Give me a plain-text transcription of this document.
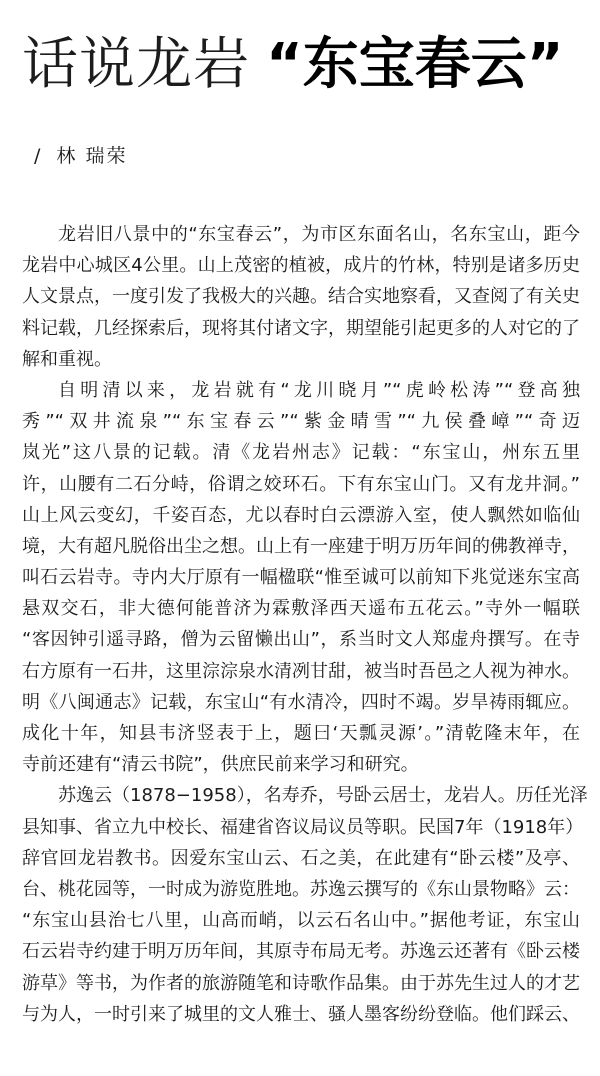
话说龙岩 “东宝春云”
/ 林 瑞荣
龙岩旧八景中的“东宝春云”，为市区东面名山，名东宝山，距今
龙岩中心城区4公里。山上茂密的植被，成片的竹林，特别是诸多历史
人文景点，一度引发了我极大的兴趣。结合实地察看，又查阅了有关史
料记载，几经探索后，现将其付诸文字，期望能引起更多的人对它的了
解和重视。
自明清以来，龙岩就有“龙川晓月”“虎岭松涛”“登高独
秀”“双井流泉”“东宝春云”“紫金晴雪”“九侯叠嶂”“奇迈
岚光”这八景的记载。清《龙岩州志》记载：“东宝山，州东五里
许，山腰有二石分峙，俗谓之姣环石。下有东宝山门。又有龙井洞。”
山上风云变幻，千姿百态，尤以春时白云漂游入室，使人飘然如临仙
境，大有超凡脱俗出尘之想。山上有一座建于明万历年间的佛教禅寺，
叫石云岩寺。寺内大厅原有一幅楹联“惟至诚可以前知下兆觉迷东宝高
悬双交石，非大德何能普济为霖敷泽西天遥布五花云。”寺外一幅联
“客因钟引遥寻路，僧为云留懒出山”，系当时文人郑虚舟撰写。在寺
右方原有一石井，这里淙淙泉水清冽甘甜，被当时吾邑之人视为神水。
明《八闽通志》记载，东宝山“有水清冷，四时不竭。岁旱祷雨辄应。
成化十年，知县韦济竖表于上，题曰‘天瓢灵源’。”清乾隆末年，在
寺前还建有“清云书院”，供庶民前来学习和研究。
苏逸云（1878−1958），名寿乔，号卧云居士，龙岩人。历任光泽
县知事、省立九中校长、福建省咨议局议员等职。民国7年（1918年）
辞官回龙岩教书。因爱东宝山云、石之美，在此建有“卧云楼”及亭、
台、桃花园等，一时成为游览胜地。苏逸云撰写的《东山景物略》云：
“东宝山县治七八里，山高而峭，以云石名山中。”据他考证，东宝山
石云岩寺约建于明万历年间，其原寺布局无考。苏逸云还著有《卧云楼
游草》等书，为作者的旅游随笔和诗歌作品集。由于苏先生过人的才艺
与为人，一时引来了城里的文人雅士、骚人墨客纷纷登临。他们踩云、
